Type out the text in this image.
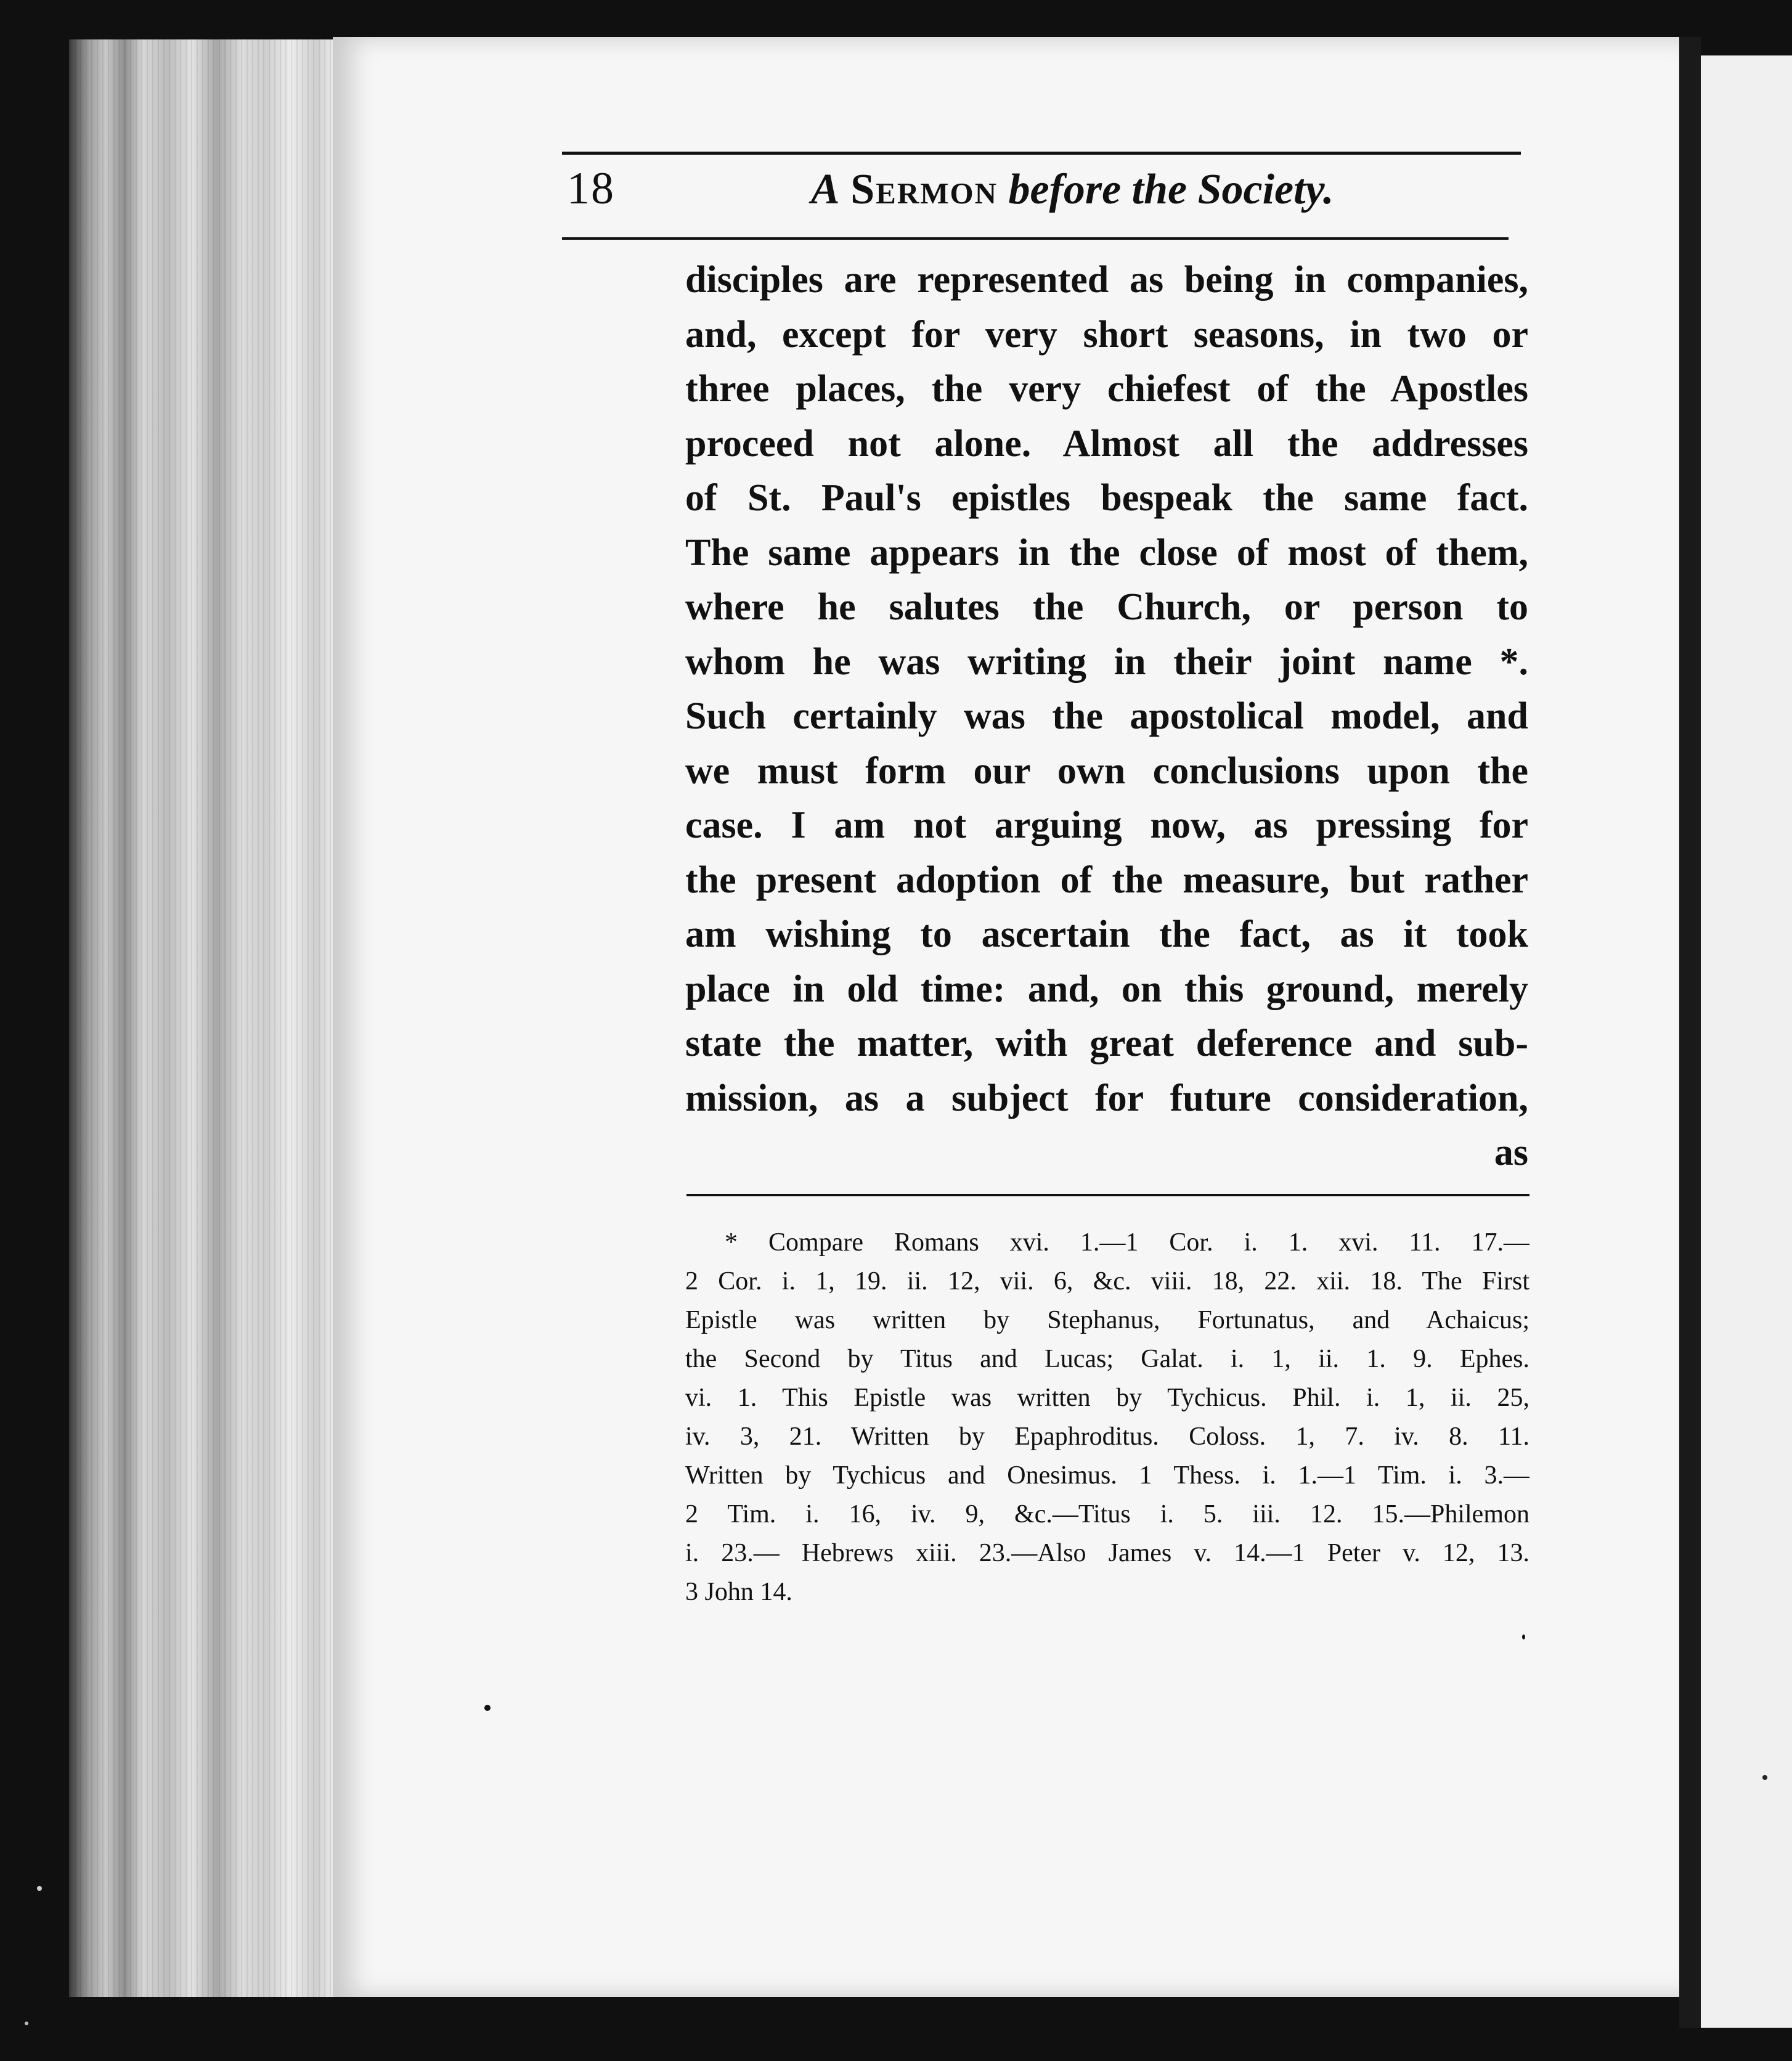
18	A Sermon before the Society.
disciples are represented as being in companies,
and, except for very short seasons, in two or
three places, the very chiefest of the Apostles
proceed not alone. Almost all the addresses
of St. Paul's epistles bespeak the same fact.
The same appears in the close of most of them,
where he salutes the Church, or person to
whom he was writing in their joint name *.
Such certainly was the apostolical model, and
we must form our own conclusions upon the
case. I am not arguing now, as pressing for
the present adoption of the measure, but rather
am wishing to ascertain the fact, as it took
place in old time: and, on this ground, merely
state the matter, with great deference and sub-
mission, as a subject for future consideration,
as
* Compare Romans xvi. 1.—1 Cor. i. 1. xvi. 11. 17.—
2 Cor. i. 1, 19. ii. 12, vii. 6, &c. viii. 18, 22. xii. 18. The First
Epistle was written by Stephanus, Fortunatus, and Achaicus;
the Second by Titus and Lucas; Galat. i. 1, ii. 1. 9. Ephes.
vi. 1. This Epistle was written by Tychicus. Phil. i. 1, ii. 25,
iv. 3, 21. Written by Epaphroditus. Coloss. 1, 7. iv. 8. 11.
Written by Tychicus and Onesimus. 1 Thess. i. 1.—1 Tim. i. 3.—
2 Tim. i. 16, iv. 9, &c.—Titus i. 5. iii. 12. 15.—Philemon
i. 23.— Hebrews xiii. 23.—Also James v. 14.—1 Peter v. 12, 13.
3 John 14.
